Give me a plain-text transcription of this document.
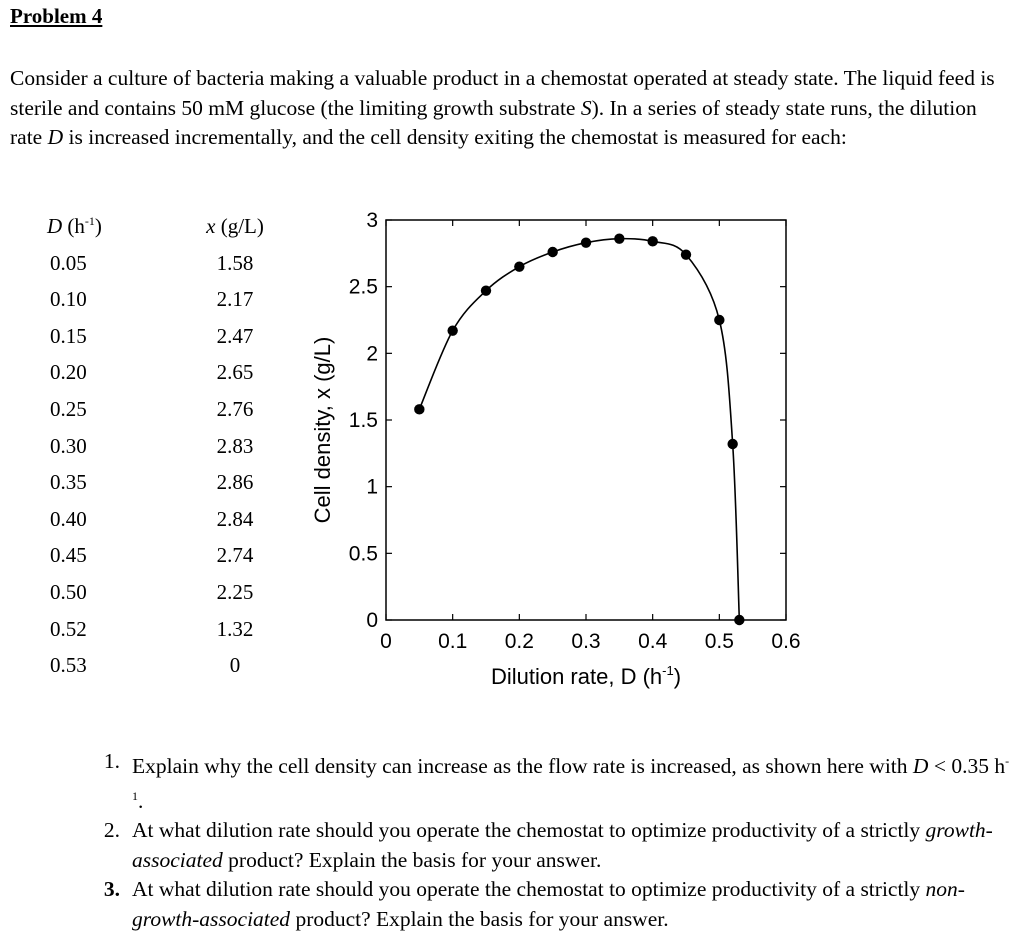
Problem 4

Consider a culture of bacteria making a valuable product in a chemostat operated at steady state. The liquid feed is sterile and contains 50 mM glucose (the limiting growth substrate S). In a series of steady state runs, the dilution rate D is increased incrementally, and the cell density exiting the chemostat is measured for each:

D $(h^{-1})$	x (g/L)
0.05	1.58
0.10	2.17
0.15	2.47
0.20	2.65
0.25	2.76
0.30	2.83
0.35	2.86
0.40	2.84
0.45	2.74
0.50	2.25
0.52	1.32
0.53	0
0 0.1 0.2 0.3 0.4 0.5 0.6
0
0.5
1
1.5
2
2.5
3
Dilution rate, D $(h^{-1})$
Cell density, x (g/L)
1. Explain why the cell density can increase as the flow rate is increased, as shown here with D < 0.35 $h^{-1}$.
2. At what dilution rate should you operate the chemostat to optimize productivity of a strictly growth-associated product? Explain the basis for your answer.
3. At what dilution rate should you operate the chemostat to optimize productivity of a strictly non-growth-associated product? Explain the basis for your answer.
